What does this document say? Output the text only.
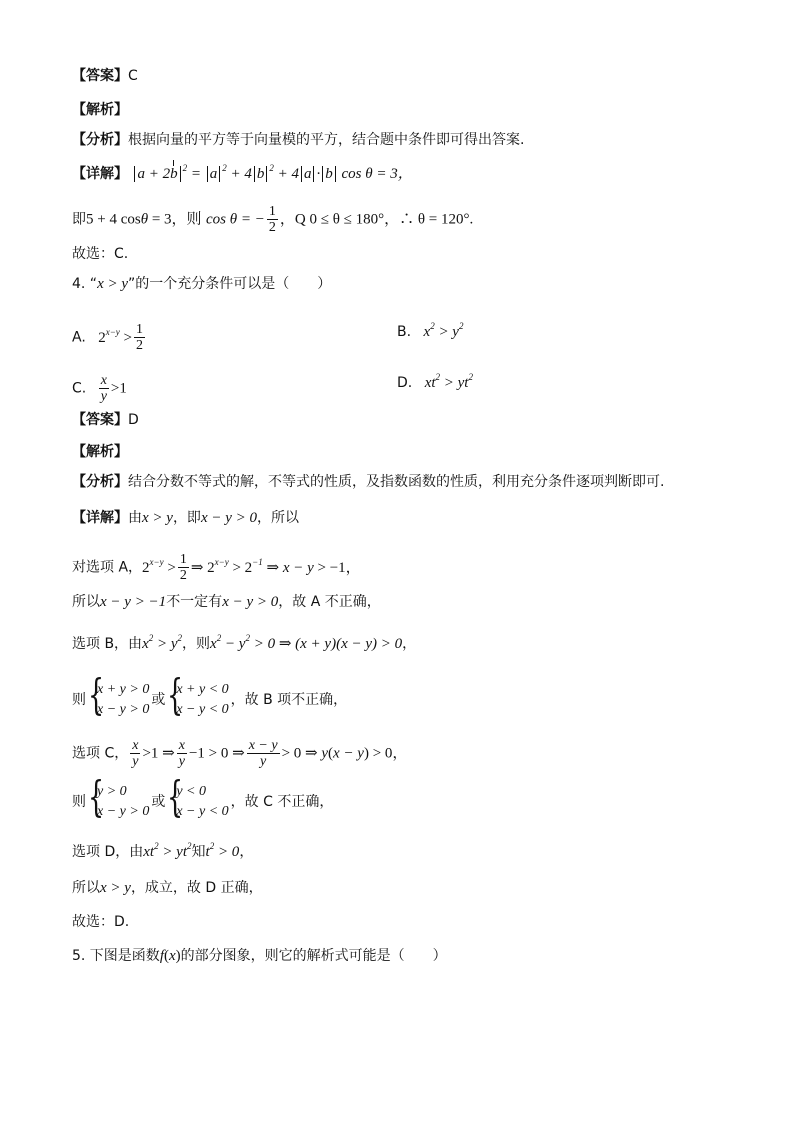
【答案】C
【解析】
【分析】根据向量的平方等于向量模的平方，结合题中条件即可得出答案.
【详解】 a + 2b $^2$ = a $^2$ + 4 b $^2$ + 4 a · b cos θ = 3，
即5 + 4 cosθ = 3，则 cos θ = − $\frac{1}{2}$ ，Q 0 ≤ θ ≤ 180°，∴ θ = 120°.
故选：C.
4. “x > y”的一个充分条件可以是（　　）
A. $2^{x-y} > \frac{1}{2}$	B. $x^2 > y^2$
C. $\frac{x}{y} >1$	D. $xt^2 > yt^2$
【答案】D
【解析】
【分析】结合分数不等式的解，不等式的性质，及指数函数的性质，利用充分条件逐项判断即可.
【详解】由x > y，即x − y > 0，所以
对选项 A，$2^{x-y} > \frac{1}{2}$ ⇒ $2^{x-y} > 2^{-1}$ ⇒ x − y > −1，
所以x − y > −1不一定有x − y > 0，故 A 不正确，
选项 B，由$x^2 > y^2$，则$x^2 - y^2 > 0$ ⇒ (x + y)(x − y) > 0，
则 {
x + y > 0
x − y > 0
或 {
x + y < 0
x − y < 0
，故 B 项不正确，
选项 C， $\frac{x}{y} >1$ ⇒ $\frac{x}{y} -1 > 0$ ⇒ $\frac{x - y}{y} > 0$ ⇒ y(x − y) > 0，
则 {
y > 0
x − y > 0
或 {
y < 0
x − y < 0
，故 C 不正确，
选项 D，由$xt^2 > yt^2$知$t^2 > 0$，
所以x > y，成立，故 D 正确，
故选：D.
5. 下图是函数f(x)的部分图象，则它的解析式可能是（　　）
